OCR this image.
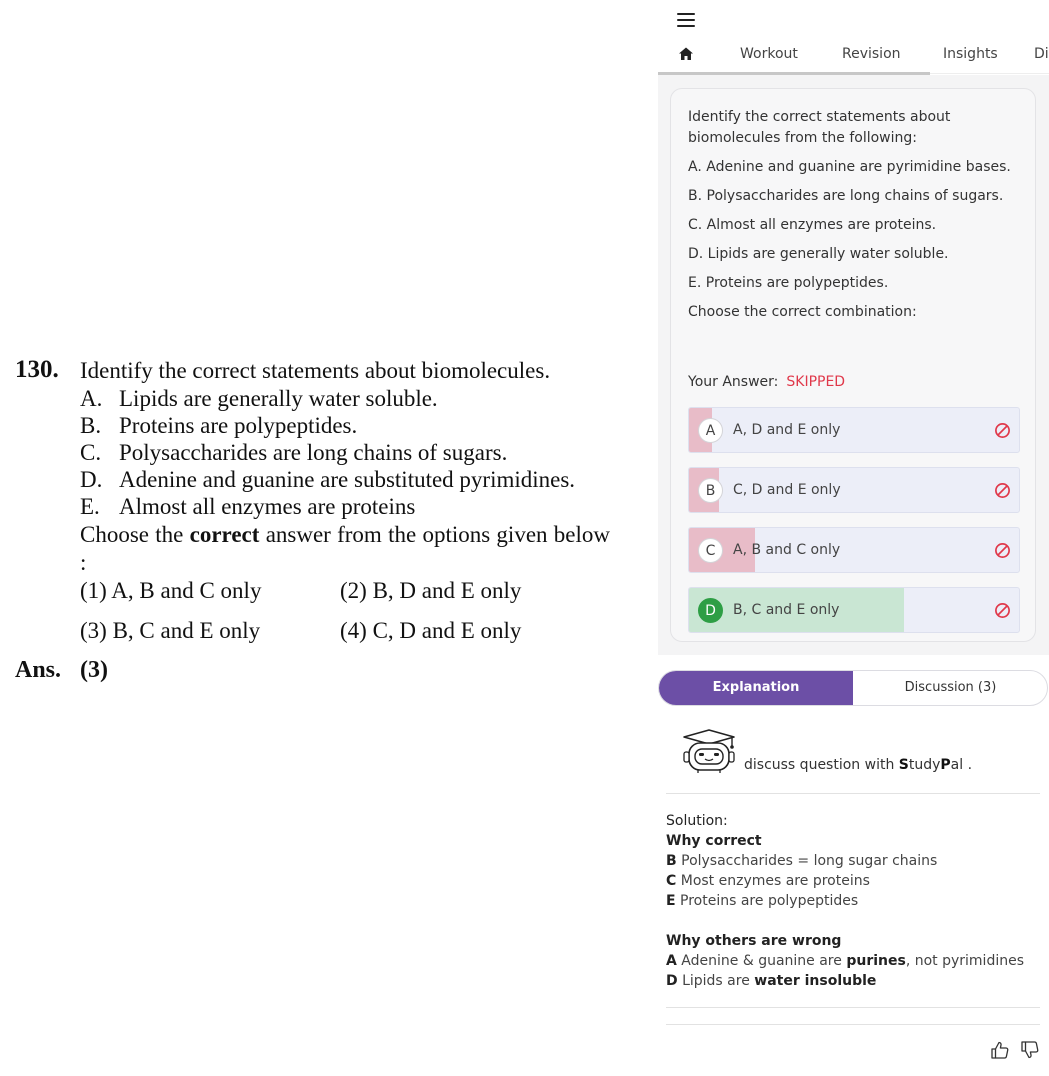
130. Identify the correct statements about biomolecules.
A. Lipids are generally water soluble.
B. Proteins are polypeptides.
C. Polysaccharides are long chains of sugars.
D. Adenine and guanine are substituted pyrimidines.
E. Almost all enzymes are proteins
Choose the correct answer from the options given below :
(1) A, B and C only	(2) B, D and E only
(3) B, C and E only	(4) C, D and E only
Ans. (3)
Workout	Revision	Insights	Di

Identify the correct statements about biomolecules from the following:

A. Adenine and guanine are pyrimidine bases.

B. Polysaccharides are long chains of sugars.

C. Almost all enzymes are proteins.

D. Lipids are generally water soluble.

E. Proteins are polypeptides.

Choose the correct combination:

Your Answer: SKIPPED
A	A, D and E only
B	C, D and E only
C	A, B and C only
D	B, C and E only
Explanation	Discussion (3)
discuss question with StudyPal .
Solution:
Why correct
B Polysaccharides = long sugar chains
C Most enzymes are proteins
E Proteins are polypeptides
Why others are wrong
A Adenine & guanine are purines, not pyrimidines
D Lipids are water insoluble
